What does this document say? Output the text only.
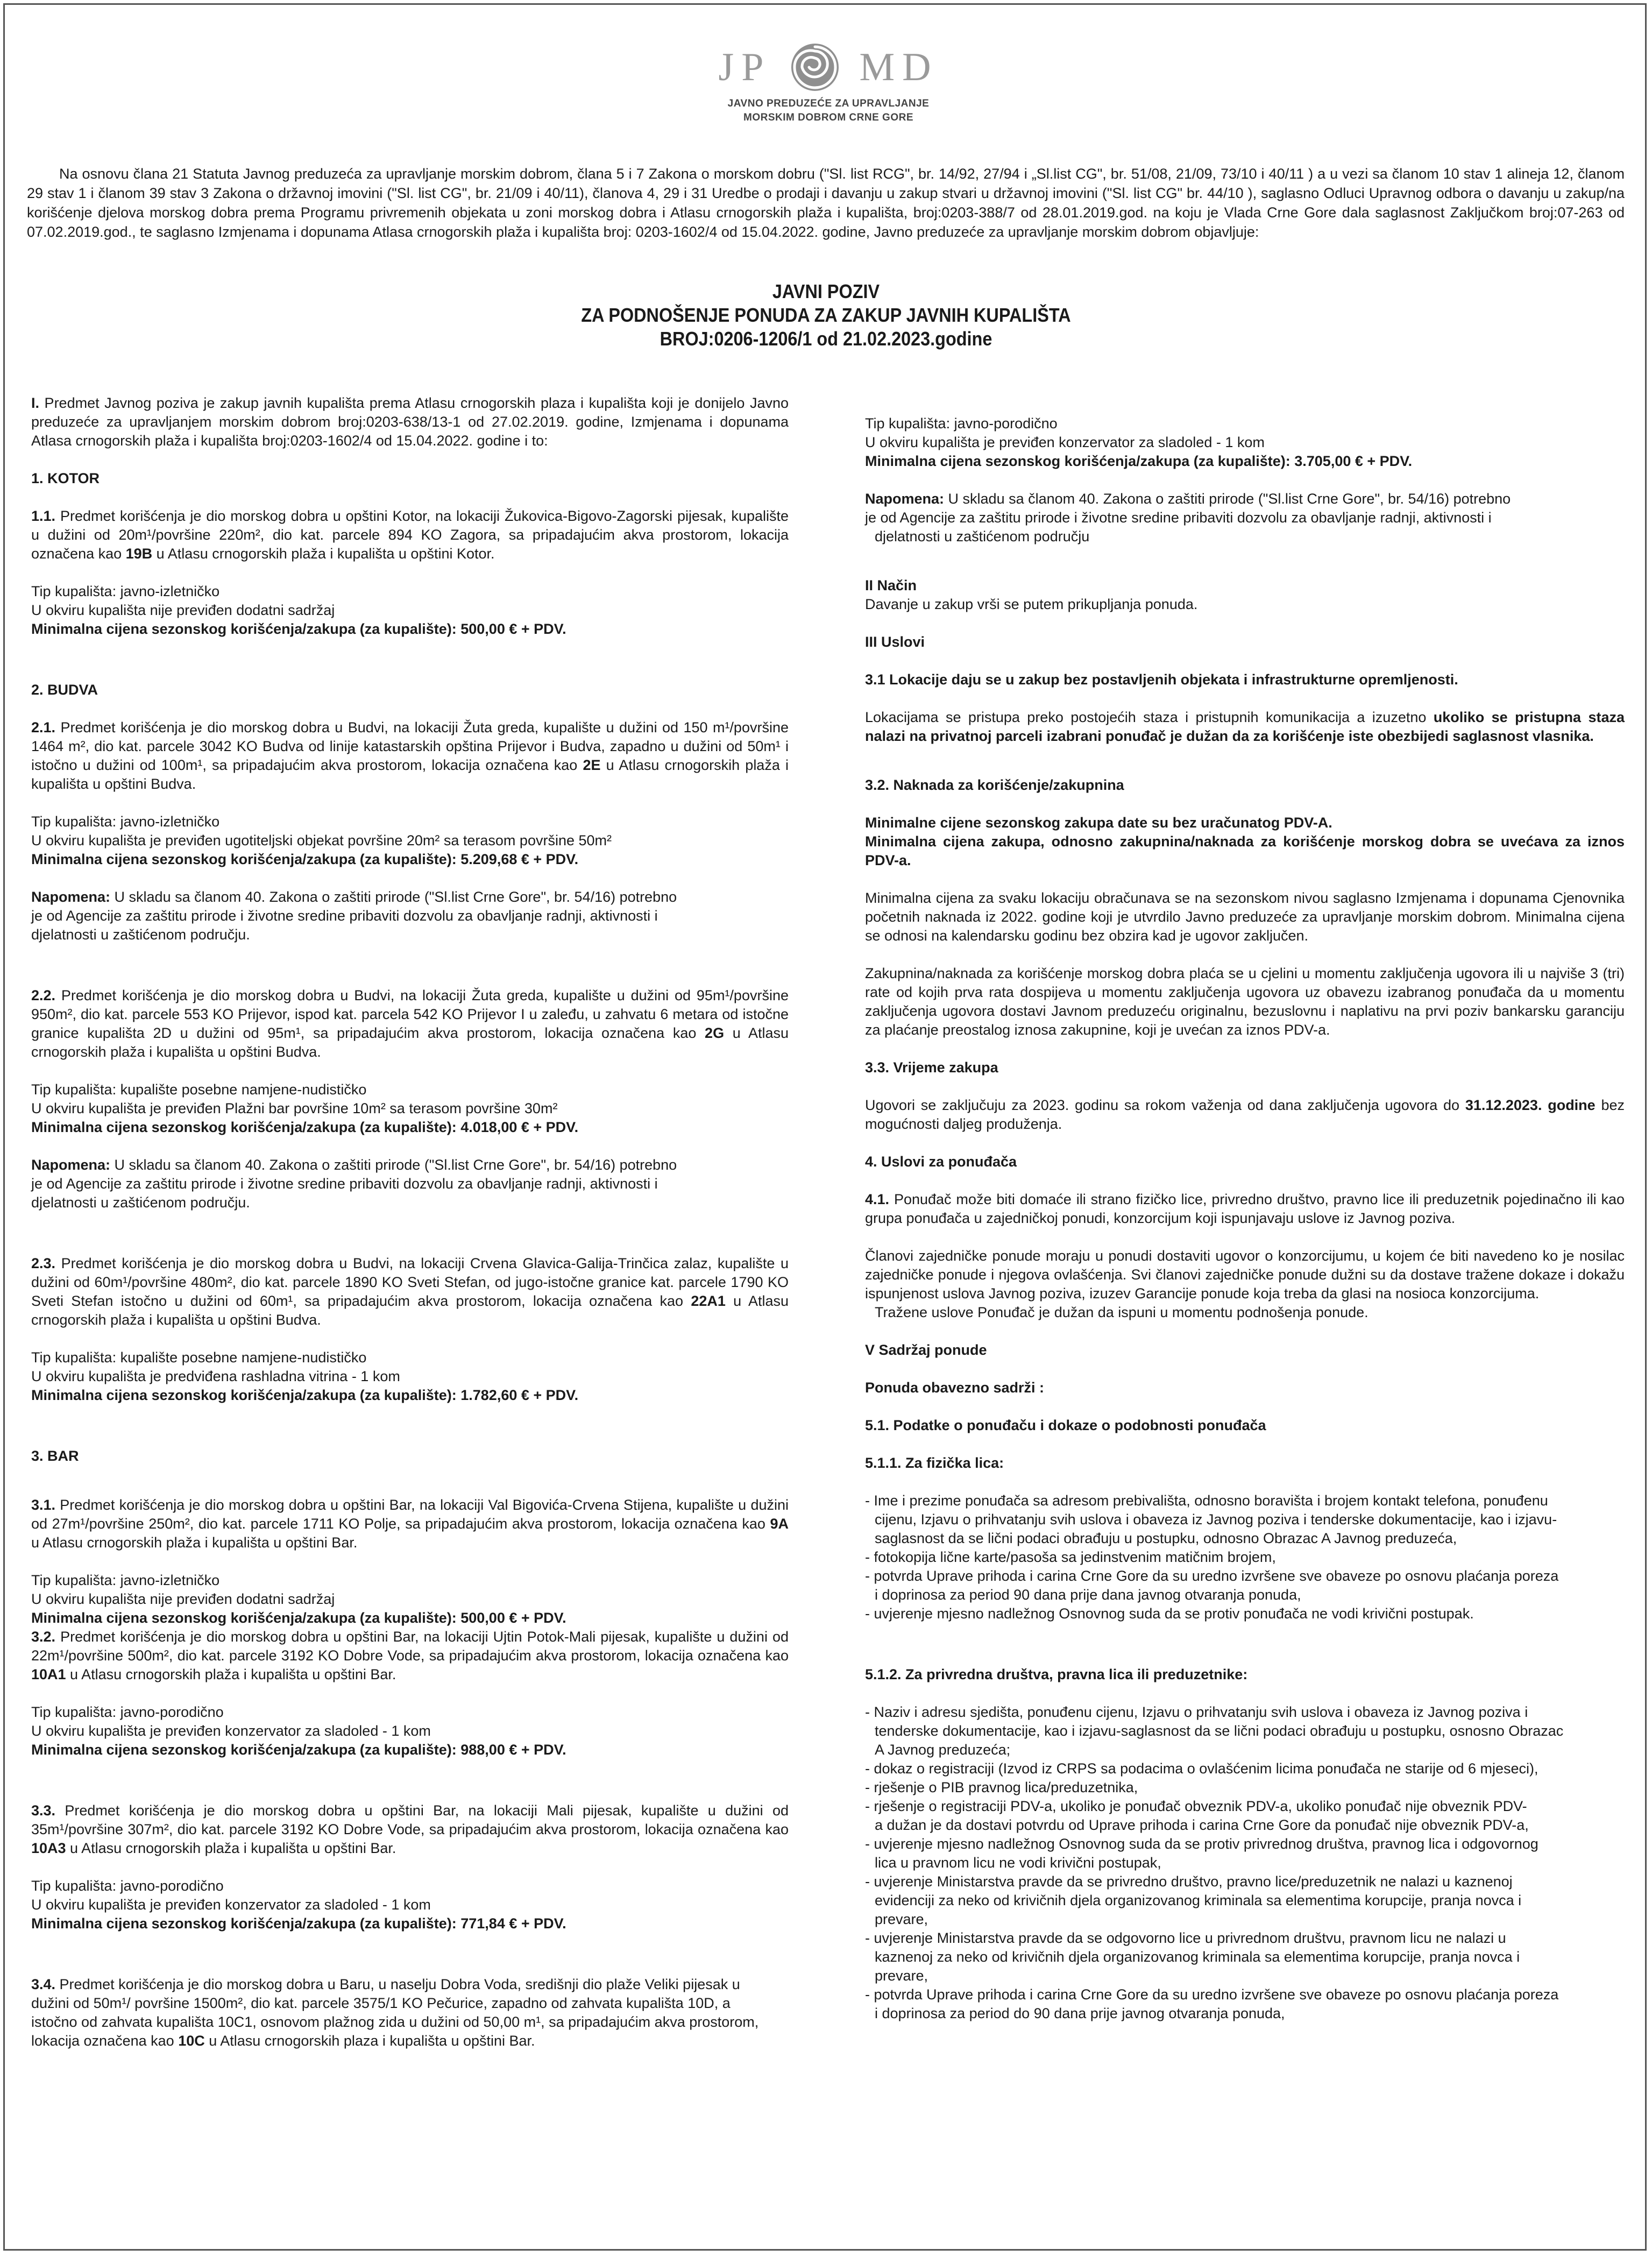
JP MD
JAVNO PREDUZEĆE ZA UPRAVLJANJE
MORSKIM DOBROM CRNE GORE

Na osnovu člana 21 Statuta Javnog preduzeća za upravljanje morskim dobrom, člana 5 i 7 Zakona o morskom dobru ("Sl. list RCG", br. 14/92, 27/94 i „Sl.list CG", br. 51/08, 21/09, 73/10 i 40/11 ) a u vezi sa članom 10 stav 1 alineja 12, članom 29 stav 1 i članom 39 stav 3 Zakona o državnoj imovini ("Sl. list CG", br. 21/09 i 40/11), članova 4, 29 i 31 Uredbe o prodaji i davanju u zakup stvari u državnoj imovini ("Sl. list CG" br. 44/10 ), saglasno Odluci Upravnog odbora o davanju u zakup/na korišćenje djelova morskog dobra prema Programu privremenih objekata u zoni morskog dobra i Atlasu crnogorskih plaža i kupališta, broj:0203-388/7 od 28.01.2019.god. na koju je Vlada Crne Gore dala saglasnost Zaključkom broj:07-263 od 07.02.2019.god., te saglasno Izmjenama i dopunama Atlasa crnogorskih plaža i kupališta broj: 0203-1602/4 od 15.04.2022. godine, Javno preduzeće za upravljanje morskim dobrom objavljuje:

JAVNI POZIV
ZA PODNOŠENJE PONUDA ZA ZAKUP JAVNIH KUPALIŠTA
BROJ:0206-1206/1 od 21.02.2023.godine

I. Predmet Javnog poziva je zakup javnih kupališta prema Atlasu crnogorskih plaza i kupališta koji je donijelo Javno preduzeće za upravljanjem morskim dobrom broj:0203-638/13-1 od 27.02.2019. godine, Izmjenama i dopunama Atlasa crnogorskih plaža i kupališta broj:0203-1602/4 od 15.04.2022. godine i to:

1. KOTOR

1.1. Predmet korišćenja je dio morskog dobra u opštini Kotor, na lokaciji Žukovica-Bigovo-Zagorski pijesak, kupalište u dužini od 20m¹/površine 220m², dio kat. parcele 894 KO Zagora, sa pripadajućim akva prostorom, lokacija označena kao 19B u Atlasu crnogorskih plaža i kupališta u opštini Kotor.

Tip kupališta: javno-izletničko

U okviru kupališta nije previđen dodatni sadržaj

Minimalna cijena sezonskog korišćenja/zakupa (za kupalište): 500,00 € + PDV.

2. BUDVA

2.1. Predmet korišćenja je dio morskog dobra u Budvi, na lokaciji Žuta greda, kupalište u dužini od 150 m¹/površine 1464 m², dio kat. parcele 3042 KO Budva od linije katastarskih opština Prijevor i Budva, zapadno u dužini od 50m¹ i istočno u dužini od 100m¹, sa pripadajućim akva prostorom, lokacija označena kao 2E u Atlasu crnogorskih plaža i kupališta u opštini Budva.

Tip kupališta: javno-izletničko

U okviru kupališta je previđen ugotiteljski objekat površine 20m² sa terasom površine 50m²

Minimalna cijena sezonskog korišćenja/zakupa (za kupalište): 5.209,68 € + PDV.

Napomena: U skladu sa članom 40. Zakona o zaštiti prirode ("Sl.list Crne Gore", br. 54/16) potrebno

je od Agencije za zaštitu prirode i životne sredine pribaviti dozvolu za obavljanje radnji, aktivnosti i

djelatnosti u zaštićenom području.

2.2. Predmet korišćenja je dio morskog dobra u Budvi, na lokaciji Žuta greda, kupalište u dužini od 95m¹/površine 950m², dio kat. parcele 553 KO Prijevor, ispod kat. parcela 542 KO Prijevor I u zaleđu, u zahvatu 6 metara od istočne granice kupališta 2D u dužini od 95m¹, sa pripadajućim akva prostorom, lokacija označena kao 2G u Atlasu crnogorskih plaža i kupališta u opštini Budva.

Tip kupališta: kupalište posebne namjene-nudističko

U okviru kupališta je previđen Plažni bar površine 10m² sa terasom površine 30m²

Minimalna cijena sezonskog korišćenja/zakupa (za kupalište): 4.018,00 € + PDV.

Napomena: U skladu sa članom 40. Zakona o zaštiti prirode ("Sl.list Crne Gore", br. 54/16) potrebno

je od Agencije za zaštitu prirode i životne sredine pribaviti dozvolu za obavljanje radnji, aktivnosti i

djelatnosti u zaštićenom području.

2.3. Predmet korišćenja je dio morskog dobra u Budvi, na lokaciji Crvena Glavica-Galija-Trinčica zalaz, kupalište u dužini od 60m¹/površine 480m², dio kat. parcele 1890 KO Sveti Stefan, od jugo-istočne granice kat. parcele 1790 KO Sveti Stefan istočno u dužini od 60m¹, sa pripadajućim akva prostorom, lokacija označena kao 22A1 u Atlasu crnogorskih plaža i kupališta u opštini Budva.

Tip kupališta: kupalište posebne namjene-nudističko

U okviru kupališta je predviđena rashladna vitrina - 1 kom

Minimalna cijena sezonskog korišćenja/zakupa (za kupalište): 1.782,60 € + PDV.

3. BAR

3.1. Predmet korišćenja je dio morskog dobra u opštini Bar, na lokaciji Val Bigovića-Crvena Stijena, kupalište u dužini od 27m¹/površine 250m², dio kat. parcele 1711 KO Polje, sa pripadajućim akva prostorom, lokacija označena kao 9A u Atlasu crnogorskih plaža i kupališta u opštini Bar.

Tip kupališta: javno-izletničko

U okviru kupališta nije previđen dodatni sadržaj

Minimalna cijena sezonskog korišćenja/zakupa (za kupalište): 500,00 € + PDV.

3.2. Predmet korišćenja je dio morskog dobra u opštini Bar, na lokaciji Ujtin Potok-Mali pijesak, kupalište u dužini od 22m¹/površine 500m², dio kat. parcele 3192 KO Dobre Vode, sa pripadajućim akva prostorom, lokacija označena kao 10A1 u Atlasu crnogorskih plaža i kupališta u opštini Bar.

Tip kupališta: javno-porodično

U okviru kupališta je previđen konzervator za sladoled - 1 kom

Minimalna cijena sezonskog korišćenja/zakupa (za kupalište): 988,00 € + PDV.

3.3. Predmet korišćenja je dio morskog dobra u opštini Bar, na lokaciji Mali pijesak, kupalište u dužini od 35m¹/površine 307m², dio kat. parcele 3192 KO Dobre Vode, sa pripadajućim akva prostorom, lokacija označena kao 10A3 u Atlasu crnogorskih plaža i kupališta u opštini Bar.

Tip kupališta: javno-porodično

U okviru kupališta je previđen konzervator za sladoled - 1 kom

Minimalna cijena sezonskog korišćenja/zakupa (za kupalište): 771,84 € + PDV.

3.4. Predmet korišćenja je dio morskog dobra u Baru, u naselju Dobra Voda, središnji dio plaže Veliki pijesak u

dužini od 50m¹/ površine 1500m², dio kat. parcele 3575/1 KO Pečurice, zapadno od zahvata kupališta 10D, a

istočno od zahvata kupališta 10C1, osnovom plažnog zida u dužini od 50,00 m¹, sa pripadajućim akva prostorom,

lokacija označena kao 10C u Atlasu crnogorskih plaza i kupališta u opštini Bar.

Tip kupališta: javno-porodično

U okviru kupališta je previđen konzervator za sladoled - 1 kom

Minimalna cijena sezonskog korišćenja/zakupa (za kupalište): 3.705,00 € + PDV.

Napomena: U skladu sa članom 40. Zakona o zaštiti prirode ("Sl.list Crne Gore", br. 54/16) potrebno

je od Agencije za zaštitu prirode i životne sredine pribaviti dozvolu za obavljanje radnji, aktivnosti i

djelatnosti u zaštićenom području

II Način

Davanje u zakup vrši se putem prikupljanja ponuda.

III Uslovi

3.1 Lokacije daju se u zakup bez postavljenih objekata i infrastrukturne opremljenosti.

Lokacijama se pristupa preko postojećih staza i pristupnih komunikacija a izuzetno ukoliko se pristupna staza nalazi na privatnoj parceli izabrani ponuđač je dužan da za korišćenje iste obezbijedi saglasnost vlasnika.

3.2. Naknada za korišćenje/zakupnina

Minimalne cijene sezonskog zakupa date su bez uračunatog PDV-A.

Minimalna cijena zakupa, odnosno zakupnina/naknada za korišćenje morskog dobra se uvećava za iznos PDV-a.

Minimalna cijena za svaku lokaciju obračunava se na sezonskom nivou saglasno Izmjenama i dopunama Cjenovnika početnih naknada iz 2022. godine koji je utvrdilo Javno preduzeće za upravljanje morskim dobrom. Minimalna cijena se odnosi na kalendarsku godinu bez obzira kad je ugovor zaključen.

Zakupnina/naknada za korišćenje morskog dobra plaća se u cjelini u momentu zaključenja ugovora ili u najviše 3 (tri) rate od kojih prva rata dospijeva u momentu zaključenja ugovora uz obavezu izabranog ponuđača da u momentu zaključenja ugovora dostavi Javnom preduzeću originalnu, bezuslovnu i naplativu na prvi poziv bankarsku garanciju za plaćanje preostalog iznosa zakupnine, koji je uvećan za iznos PDV-a.

3.3. Vrijeme zakupa

Ugovori se zaključuju za 2023. godinu sa rokom važenja od dana zaključenja ugovora do 31.12.2023. godine bez mogućnosti daljeg produženja.

4. Uslovi za ponuđača

4.1. Ponuđač može biti domaće ili strano fizičko lice, privredno društvo, pravno lice ili preduzetnik pojedinačno ili kao grupa ponuđača u zajedničkoj ponudi, konzorcijum koji ispunjavaju uslove iz Javnog poziva.

Članovi zajedničke ponude moraju u ponudi dostaviti ugovor o konzorcijumu, u kojem će biti navedeno ko je nosilac zajedničke ponude i njegova ovlašćenja. Svi članovi zajedničke ponude dužni su da dostave tražene dokaze i dokažu ispunjenost uslova Javnog poziva, izuzev Garancije ponude koja treba da glasi na nosioca konzorcijuma.

Tražene uslove Ponuđač je dužan da ispuni u momentu podnošenja ponude.

V Sadržaj ponude

Ponuda obavezno sadrži :

5.1. Podatke o ponuđaču i dokaze o podobnosti ponuđača

5.1.1. Za fizička lica:

- Ime i prezime ponuđača sa adresom prebivališta, odnosno boravišta i brojem kontakt telefona, ponuđenu

cijenu, Izjavu o prihvatanju svih uslova i obaveza iz Javnog poziva i tenderske dokumentacije, kao i izjavu-

saglasnost da se lični podaci obrađuju u postupku, odnosno Obrazac A Javnog preduzeća,

- fotokopija lične karte/pasoša sa jedinstvenim matičnim brojem,

- potvrda Uprave prihoda i carina Crne Gore da su uredno izvršene sve obaveze po osnovu plaćanja poreza

i doprinosa za period 90 dana prije dana javnog otvaranja ponuda,

- uvjerenje mjesno nadležnog Osnovnog suda da se protiv ponuđača ne vodi krivični postupak.

5.1.2. Za privredna društva, pravna lica ili preduzetnike:

- Naziv i adresu sjedišta, ponuđenu cijenu, Izjavu o prihvatanju svih uslova i obaveza iz Javnog poziva i

tenderske dokumentacije, kao i izjavu-saglasnost da se lični podaci obrađuju u postupku, osnosno Obrazac

A Javnog preduzeća;

- dokaz o registraciji (Izvod iz CRPS sa podacima o ovlašćenim licima ponuđača ne starije od 6 mjeseci),

- rješenje o PIB pravnog lica/preduzetnika,

- rješenje o registraciji PDV-a, ukoliko je ponuđač obveznik PDV-a, ukoliko ponuđač nije obveznik PDV-

a dužan je da dostavi potvrdu od Uprave prihoda i carina Crne Gore da ponuđač nije obveznik PDV-a,

- uvjerenje mjesno nadležnog Osnovnog suda da se protiv privrednog društva, pravnog lica i odgovornog

lica u pravnom licu ne vodi krivični postupak,

- uvjerenje Ministarstva pravde da se privredno društvo, pravno lice/preduzetnik ne nalazi u kaznenoj

evidenciji za neko od krivičnih djela organizovanog kriminala sa elementima korupcije, pranja novca i

prevare,

- uvjerenje Ministarstva pravde da se odgovorno lice u privrednom društvu, pravnom licu ne nalazi u

kaznenoj za neko od krivičnih djela organizovanog kriminala sa elementima korupcije, pranja novca i

prevare,

- potvrda Uprave prihoda i carina Crne Gore da su uredno izvršene sve obaveze po osnovu plaćanja poreza

i doprinosa za period do 90 dana prije javnog otvaranja ponuda,
